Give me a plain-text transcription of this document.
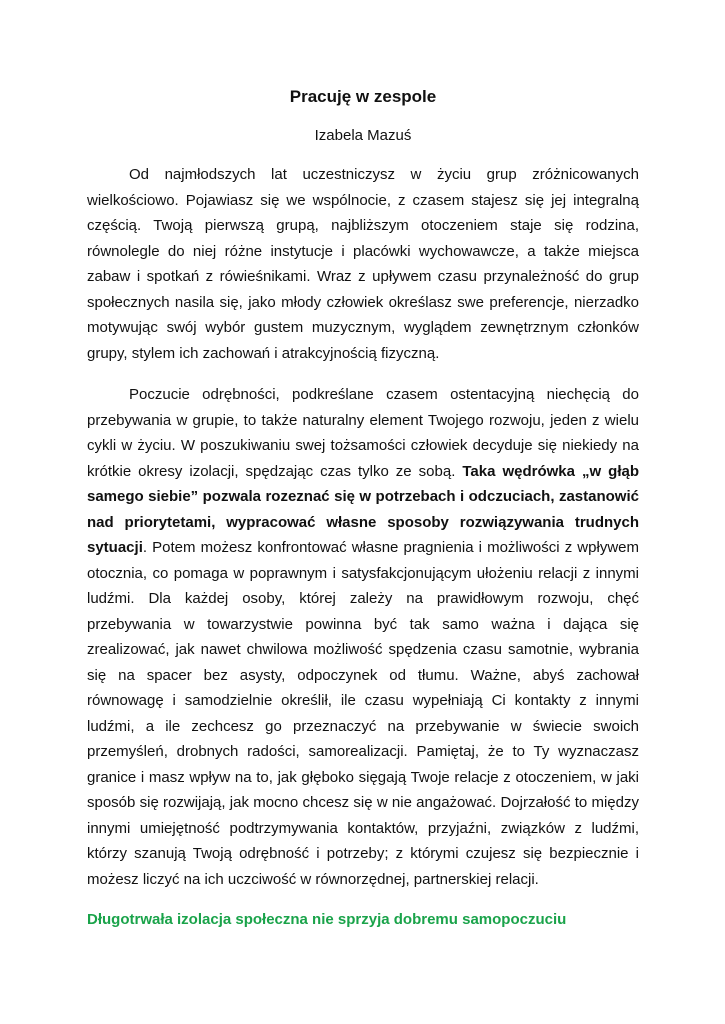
Pracuję w zespole

Izabela Mazuś

Od najmłodszych lat uczestniczysz w życiu grup zróżnicowanych wielkościowo. Pojawiasz się we wspólnocie, z czasem stajesz się jej integralną częścią. Twoją pierwszą grupą, najbliższym otoczeniem staje się rodzina, równolegle do niej różne instytucje i placówki wychowawcze, a także miejsca zabaw i spotkań z rówieśnikami. Wraz z upływem czasu przynależność do grup społecznych nasila się, jako młody człowiek określasz swe preferencje, nierzadko motywując swój wybór gustem muzycznym, wyglądem zewnętrznym członków grupy, stylem ich zachowań i atrakcyjnością fizyczną.

Poczucie odrębności, podkreślane czasem ostentacyjną niechęcią do przebywania w grupie, to także naturalny element Twojego rozwoju, jeden z wielu cykli w życiu. W poszukiwaniu swej tożsamości człowiek decyduje się niekiedy na krótkie okresy izolacji, spędzając czas tylko ze sobą. Taka wędrówka „w głąb samego siebie” pozwala rozeznać się w potrzebach i odczuciach, zastanowić nad priorytetami, wypracować własne sposoby rozwiązywania trudnych sytuacji. Potem możesz konfrontować własne pragnienia i możliwości z wpływem otocznia, co pomaga w poprawnym i satysfakcjonującym ułożeniu relacji z innymi ludźmi. Dla każdej osoby, której zależy na prawidłowym rozwoju, chęć przebywania w towarzystwie powinna być tak samo ważna i dająca się zrealizować, jak nawet chwilowa możliwość spędzenia czasu samotnie, wybrania się na spacer bez asysty, odpoczynek od tłumu. Ważne, abyś zachował równowagę i samodzielnie określił, ile czasu wypełniają Ci kontakty z innymi ludźmi, a ile zechcesz go przeznaczyć na przebywanie w świecie swoich przemyśleń, drobnych radości, samorealizacji. Pamiętaj, że to Ty wyznaczasz granice i masz wpływ na to, jak głęboko sięgają Twoje relacje z otoczeniem, w jaki sposób się rozwijają, jak mocno chcesz się w nie angażować. Dojrzałość to między innymi umiejętność podtrzymywania kontaktów, przyjaźni, związków z ludźmi, którzy szanują Twoją odrębność i potrzeby; z którymi czujesz się bezpiecznie i możesz liczyć na ich uczciwość w równorzędnej, partnerskiej relacji.

Długotrwała izolacja społeczna nie sprzyja dobremu samopoczuciu
